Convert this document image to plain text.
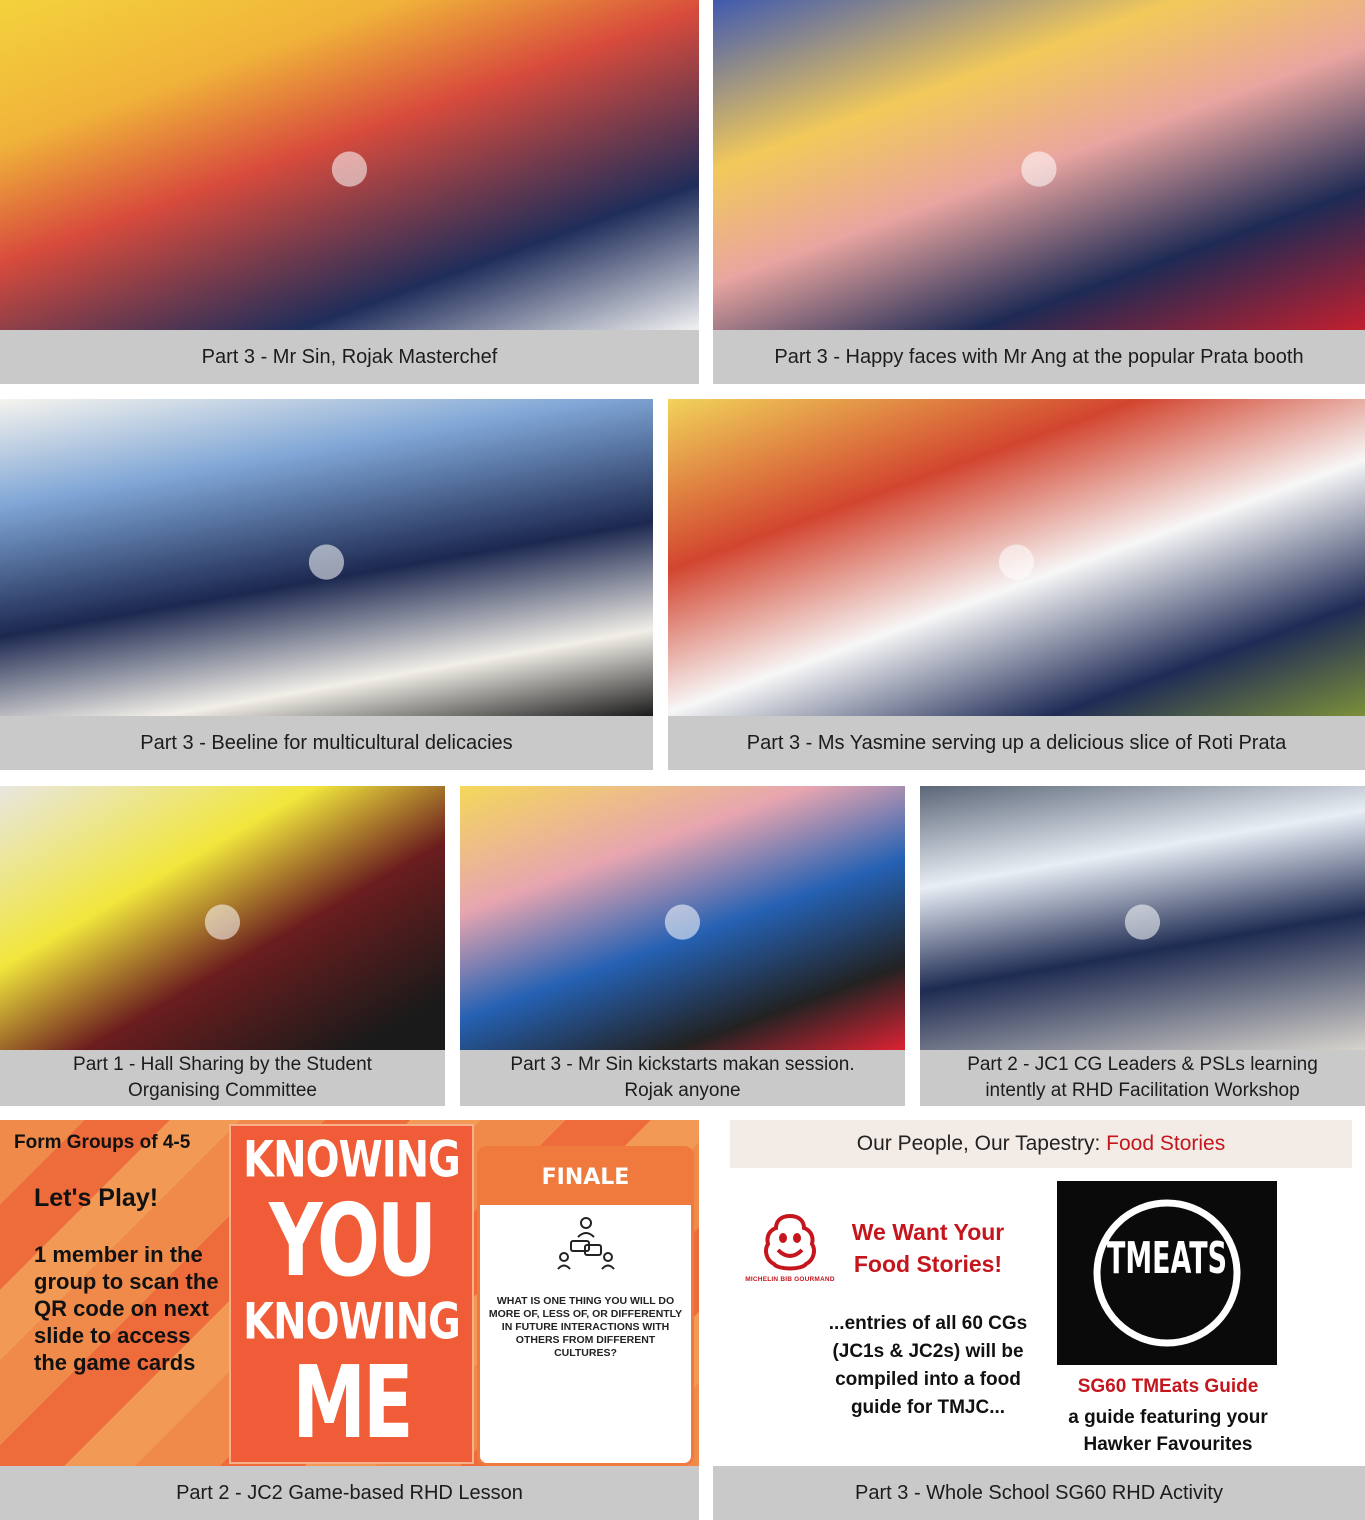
●
Part 3 - Mr Sin, Rojak Masterchef
●
Part 3 - Happy faces with Mr Ang at the popular Prata booth
●
Part 3 - Beeline for multicultural delicacies
●
Part 3 - Ms Yasmine serving up a delicious slice of Roti Prata
●
Part 1 - Hall Sharing by the Student
Organising Committee
●
Part 3 - Mr Sin kickstarts makan session.
Rojak anyone
●
Part 2 - JC1 CG Leaders & PSLs learning
intently at RHD Facilitation Workshop
Form Groups of 4-5
Let's Play!
1 member in the group to scan the QR code on next slide to access the game cards
KNOWING
YOU
KNOWING
ME
FINALE
WHAT IS ONE THING YOU WILL DO MORE OF, LESS OF, OR DIFFERENTLY IN FUTURE INTERACTIONS WITH OTHERS FROM DIFFERENT CULTURES?
Part 2 - JC2 Game-based RHD Lesson
Our People, Our Tapestry: Food Stories
MICHELIN BIB GOURMAND
We Want Your
Food Stories!
...entries of all 60 CGs
(JC1s & JC2s) will be
compiled into a food
guide for TMJC...
TMEATS
SG60 TMEats Guide
a guide featuring your
Hawker Favourites
Part 3 - Whole School SG60 RHD Activity
